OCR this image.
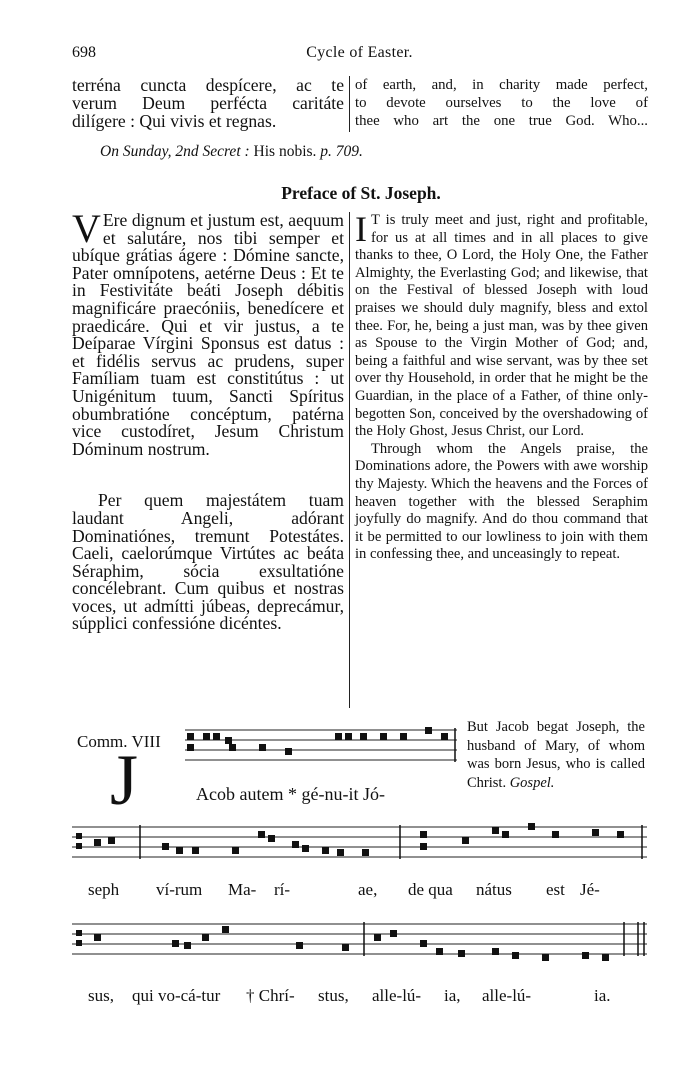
698	Cycle of Easter.
terréna cuncta despícere, ac te
verum Deum perfécta caritáte
dilígere : Qui vivis et regnas.
of earth, and, in charity made perfect,
to devote ourselves to the love of
thee who art the one true God. Who...
On Sunday, 2nd Secret : His nobis. p. 709.
Preface of St. Joseph.
V Ere dignum et justum est, aequum et salutáre, nos tibi semper et ubíque grátias ágere : Dómine sancte, Pater omnípotens, aetérne Deus : Et te in Festivitáte beáti Joseph débitis magnificáre praecóniis, benedícere et praedicáre. Qui et vir justus, a te Deíparae Vírgini Sponsus est datus : et fidélis servus ac prudens, super Famíliam tuam est constitútus : ut Unigénitum tuum, Sancti Spíritus obumbratióne concéptum, patérna vice custodíret, Jesum Christum Dóminum nostrum.
Per quem majestátem tuam laudant Angeli, adórant Dominatiónes, tremunt Potestátes. Caeli, caelorúmque Virtútes ac beáta Séraphim, sócia exsultatióne concélebrant. Cum quibus et nostras voces, ut admítti júbeas, deprecámur, súpplici confessióne dicéntes.
I T is truly meet and just, right and profitable, for us at all times and in all places to give thanks to thee, O Lord, the Holy One, the Father Almighty, the Everlasting God; and likewise, that on the Festival of blessed Joseph with loud praises we should duly magnify, bless and extol thee. For, he, being a just man, was by thee given as Spouse to the Virgin Mother of God; and, being a faithful and wise servant, was by thee set over thy Household, in order that he might be the Guardian, in the place of a Father, of thine only-begotten Son, conceived by the overshadowing of the Holy Ghost, Jesus Christ, our Lord.
Through whom the Angels praise, the Dominations adore, the Powers with awe worship thy Majesty. Which the heavens and the Forces of heaven together with the blessed Seraphim joyfully do magnify. And do thou command that it be permitted to our lowliness to join with them in confessing thee, and unceasingly to repeat.
Comm. VIII
J
But Jacob begat Joseph, the husband of Mary, of whom was born Jesus, who is called Christ. Gospel.
Acob autem * gé-nu-it Jó-
seph ví-rum Ma- rí-	ae, de qua nátus est Jé-
sus, qui vo-cá-tur † Chrí- stus, alle-lú- ia, alle-lú-	ia.
